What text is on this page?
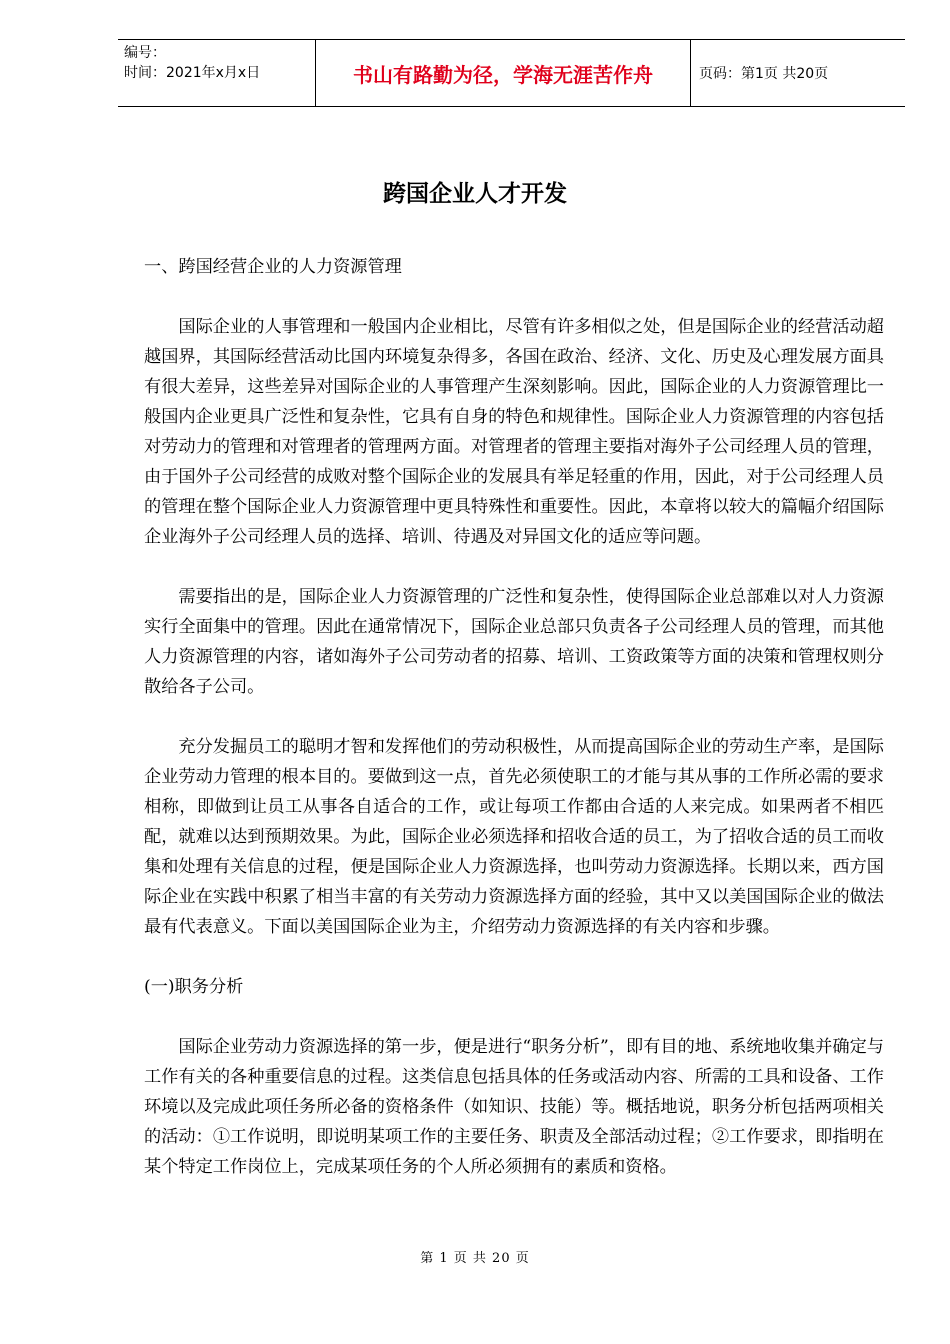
编号：
时间：2021年x月x日	书山有路勤为径，学海无涯苦作舟	页码：第1页 共20页
跨国企业人才开发

一、跨国经营企业的人力资源管理

国际企业的人事管理和一般国内企业相比，尽管有许多相似之处，但是国际企业的经营活动超越国界，其国际经营活动比国内环境复杂得多，各国在政治、经济、文化、历史及心理发展方面具有很大差异，这些差异对国际企业的人事管理产生深刻影响。因此，国际企业的人力资源管理比一般国内企业更具广泛性和复杂性，它具有自身的特色和规律性。国际企业人力资源管理的内容包括对劳动力的管理和对管理者的管理两方面。对管理者的管理主要指对海外子公司经理人员的管理，由于国外子公司经营的成败对整个国际企业的发展具有举足轻重的作用，因此，对于公司经理人员的管理在整个国际企业人力资源管理中更具特殊性和重要性。因此，本章将以较大的篇幅介绍国际企业海外子公司经理人员的选择、培训、待遇及对异国文化的适应等问题。

需要指出的是，国际企业人力资源管理的广泛性和复杂性，使得国际企业总部难以对人力资源实行全面集中的管理。因此在通常情况下，国际企业总部只负责各子公司经理人员的管理，而其他人力资源管理的内容，诸如海外子公司劳动者的招募、培训、工资政策等方面的决策和管理权则分散给各子公司。

充分发掘员工的聪明才智和发挥他们的劳动积极性，从而提高国际企业的劳动生产率，是国际企业劳动力管理的根本目的。要做到这一点，首先必须使职工的才能与其从事的工作所必需的要求相称，即做到让员工从事各自适合的工作，或让每项工作都由合适的人来完成。如果两者不相匹配，就难以达到预期效果。为此，国际企业必须选择和招收合适的员工，为了招收合适的员工而收集和处理有关信息的过程，便是国际企业人力资源选择，也叫劳动力资源选择。长期以来，西方国际企业在实践中积累了相当丰富的有关劳动力资源选择方面的经验，其中又以美国国际企业的做法最有代表意义。下面以美国国际企业为主，介绍劳动力资源选择的有关内容和步骤。

(一)职务分析

国际企业劳动力资源选择的第一步，便是进行“职务分析”，即有目的地、系统地收集并确定与工作有关的各种重要信息的过程。这类信息包括具体的任务或活动内容、所需的工具和设备、工作环境以及完成此项任务所必备的资格条件（如知识、技能）等。概括地说，职务分析包括两项相关的活动：①工作说明，即说明某项工作的主要任务、职责及全部活动过程；②工作要求，即指明在某个特定工作岗位上，完成某项任务的个人所必须拥有的素质和资格。

第 1 页 共 20 页
